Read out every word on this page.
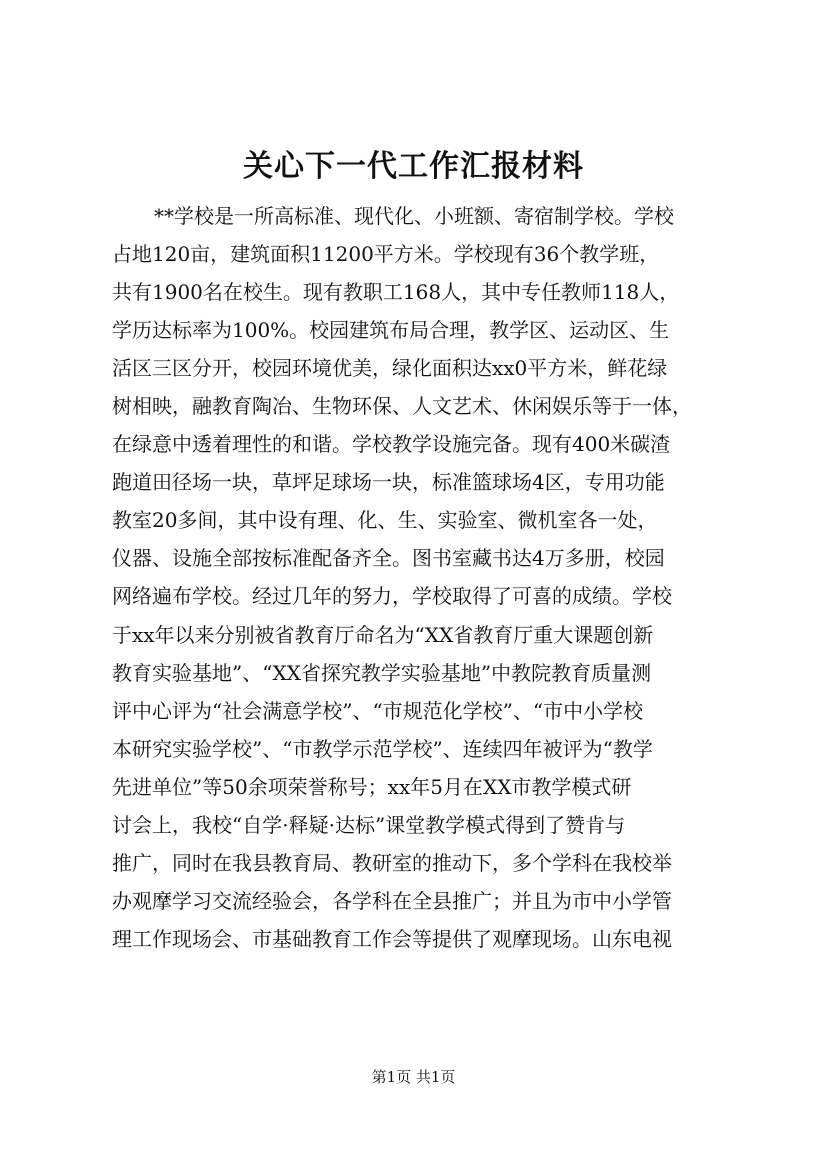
关心下一代工作汇报材料
**学校是一所高标准、现代化、小班额、寄宿制学校。学校
占地120亩，建筑面积11200平方米。学校现有36个教学班，
共有1900名在校生。现有教职工168人，其中专任教师118人，
学历达标率为100%。校园建筑布局合理，教学区、运动区、生
活区三区分开，校园环境优美，绿化面积达xx0平方米，鲜花绿
树相映，融教育陶冶、生物环保、人文艺术、休闲娱乐等于一体，
在绿意中透着理性的和谐。学校教学设施完备。现有400米碳渣
跑道田径场一块，草坪足球场一块，标准篮球场4区，专用功能
教室20多间，其中设有理、化、生、实验室、微机室各一处，
仪器、设施全部按标准配备齐全。图书室藏书达4万多册，校园
网络遍布学校。经过几年的努力，学校取得了可喜的成绩。学校
于xx年以来分别被省教育厅命名为“XX省教育厅重大课题创新
教育实验基地”、“XX省探究教学实验基地”中教院教育质量测
评中心评为“社会满意学校”、“市规范化学校”、“市中小学校
本研究实验学校”、“市教学示范学校”、连续四年被评为“教学
先进单位”等50余项荣誉称号；xx年5月在XX市教学模式研
讨会上，我校“自学·释疑·达标”课堂教学模式得到了赞肯与
推广，同时在我县教育局、教研室的推动下，多个学科在我校举
办观摩学习交流经验会，各学科在全县推广；并且为市中小学管
理工作现场会、市基础教育工作会等提供了观摩现场。山东电视
第1页 共1页
